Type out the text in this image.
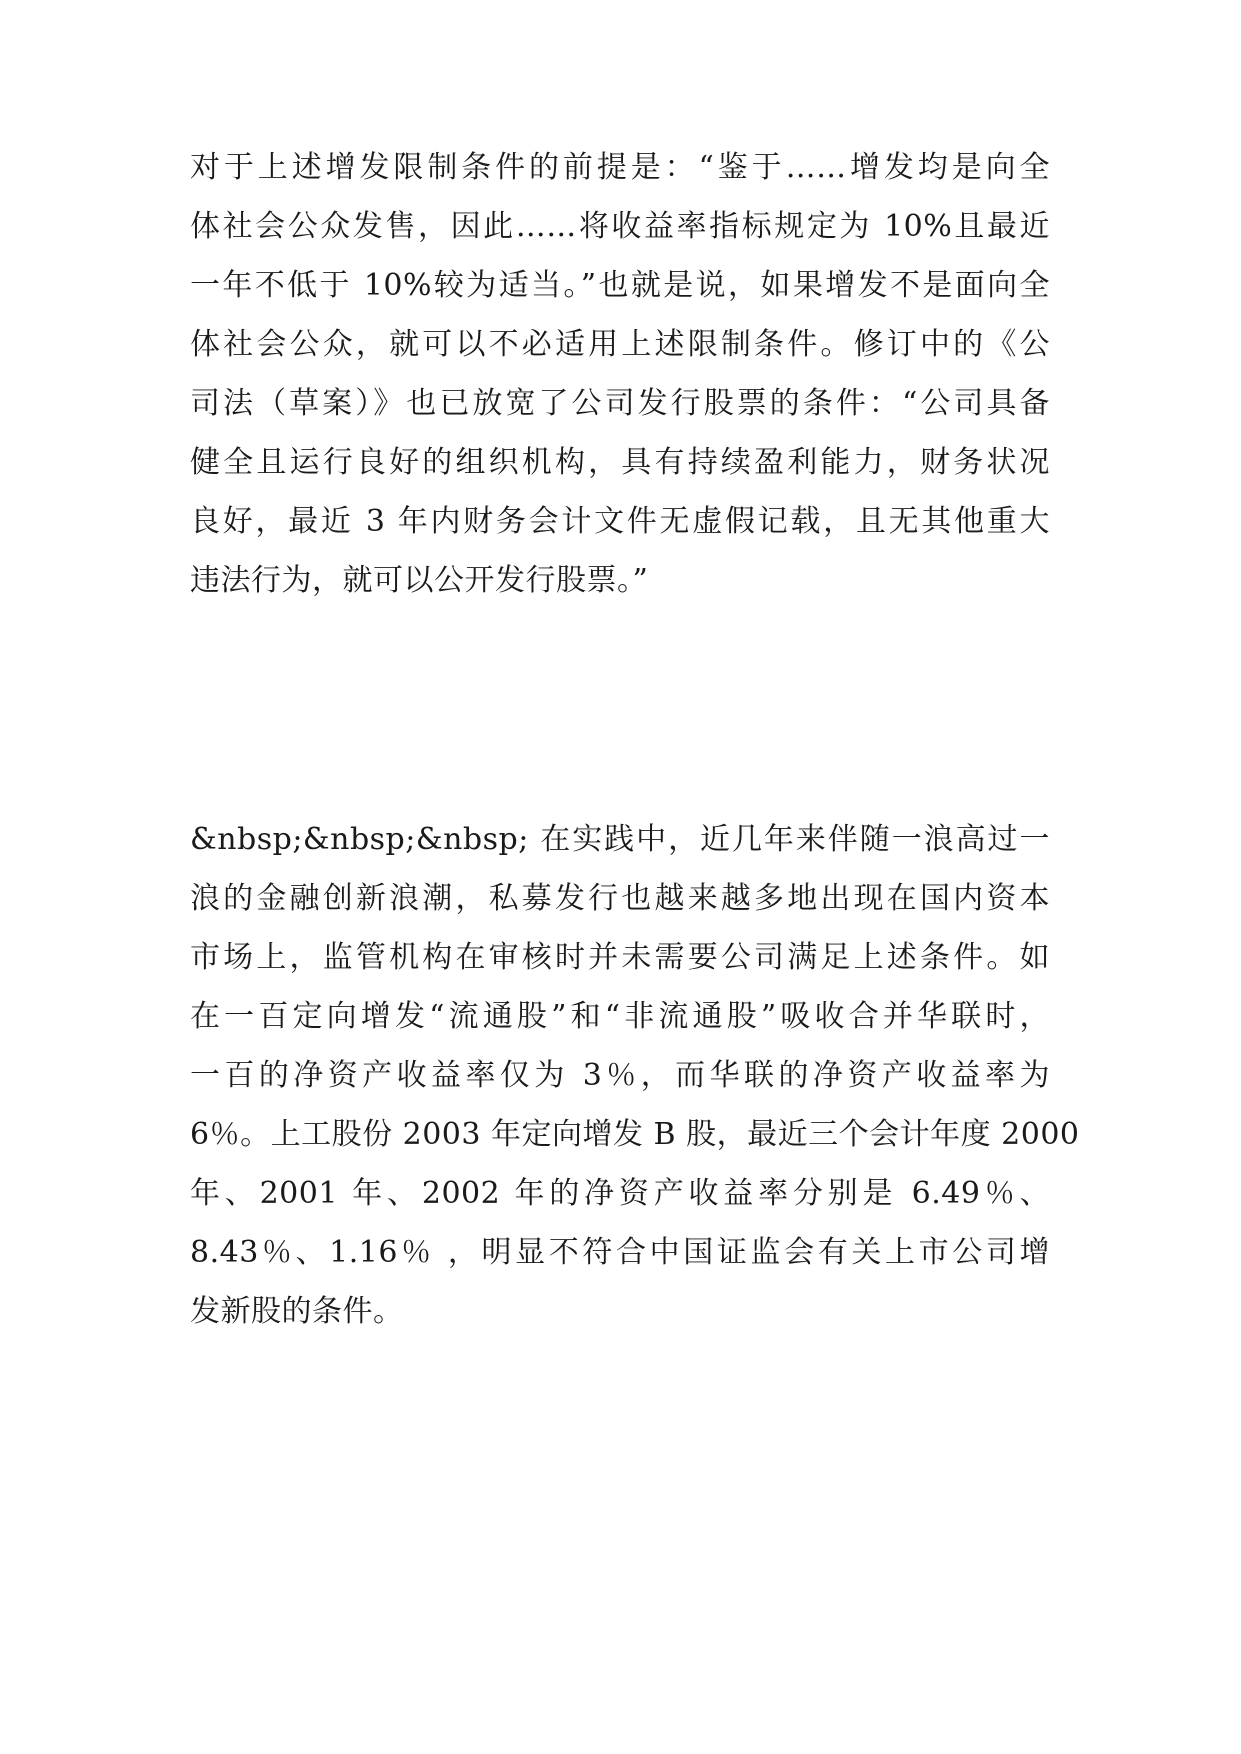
对于上述增发限制条件的前提是：“鉴于……增发均是向全
体社会公众发售，因此……将收益率指标规定为 10%且最近
一年不低于 10%较为适当。”也就是说，如果增发不是面向全
体社会公众，就可以不必适用上述限制条件。修订中的《公
司法（草案）》也已放宽了公司发行股票的条件：“公司具备
健全且运行良好的组织机构，具有持续盈利能力，财务状况
良好，最近 3 年内财务会计文件无虚假记载，且无其他重大
违法行为，就可以公开发行股票。”
&nbsp;&nbsp;&nbsp; 在实践中，近几年来伴随一浪高过一
浪的金融创新浪潮，私募发行也越来越多地出现在国内资本
市场上，监管机构在审核时并未需要公司满足上述条件。如
在一百定向增发“流通股”和“非流通股”吸收合并华联时，
一百的净资产收益率仅为 3％，而华联的净资产收益率为
6％。上工股份 2003 年定向增发 B 股，最近三个会计年度 2000
年、2001 年、2002 年的净资产收益率分别是 6.49％、
8.43％、1.16％ ，明显不符合中国证监会有关上市公司增
发新股的条件。
